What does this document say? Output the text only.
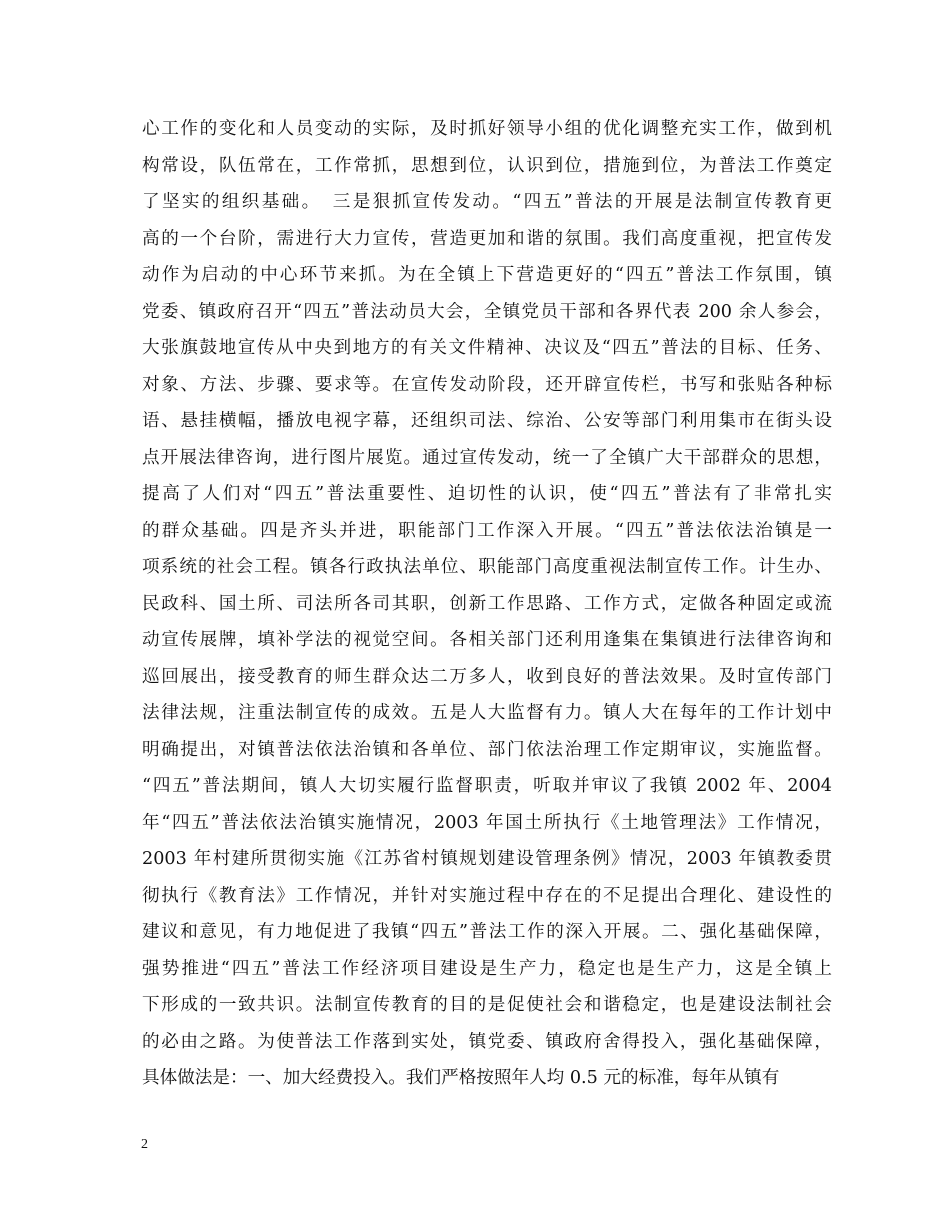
心工作的变化和人员变动的实际，及时抓好领导小组的优化调整充实工作，做到机
构常设，队伍常在，工作常抓，思想到位，认识到位，措施到位，为普法工作奠定
了坚实的组织基础。　三是狠抓宣传发动。“四五”普法的开展是法制宣传教育更
高的一个台阶，需进行大力宣传，营造更加和谐的氛围。我们高度重视，把宣传发
动作为启动的中心环节来抓。为在全镇上下营造更好的“四五”普法工作氛围，镇
党委、镇政府召开“四五”普法动员大会，全镇党员干部和各界代表 200 余人参会，
大张旗鼓地宣传从中央到地方的有关文件精神、决议及“四五”普法的目标、任务、
对象、方法、步骤、要求等。在宣传发动阶段，还开辟宣传栏，书写和张贴各种标
语、悬挂横幅，播放电视字幕，还组织司法、综治、公安等部门利用集市在街头设
点开展法律咨询，进行图片展览。通过宣传发动，统一了全镇广大干部群众的思想，
提高了人们对“四五”普法重要性、迫切性的认识，使“四五”普法有了非常扎实
的群众基础。四是齐头并进，职能部门工作深入开展。“四五”普法依法治镇是一
项系统的社会工程。镇各行政执法单位、职能部门高度重视法制宣传工作。计生办、
民政科、国土所、司法所各司其职，创新工作思路、工作方式，定做各种固定或流
动宣传展牌，填补学法的视觉空间。各相关部门还利用逢集在集镇进行法律咨询和
巡回展出，接受教育的师生群众达二万多人，收到良好的普法效果。及时宣传部门
法律法规，注重法制宣传的成效。五是人大监督有力。镇人大在每年的工作计划中
明确提出，对镇普法依法治镇和各单位、部门依法治理工作定期审议，实施监督。
“四五”普法期间，镇人大切实履行监督职责，听取并审议了我镇 2002 年、2004
年“四五”普法依法治镇实施情况，2003 年国土所执行《土地管理法》工作情况，
2003 年村建所贯彻实施《江苏省村镇规划建设管理条例》情况，2003 年镇教委贯
彻执行《教育法》工作情况，并针对实施过程中存在的不足提出合理化、建设性的
建议和意见，有力地促进了我镇“四五”普法工作的深入开展。二、强化基础保障，
强势推进“四五”普法工作经济项目建设是生产力，稳定也是生产力，这是全镇上
下形成的一致共识。法制宣传教育的目的是促使社会和谐稳定，也是建设法制社会
的必由之路。为使普法工作落到实处，镇党委、镇政府舍得投入，强化基础保障，
具体做法是：一、加大经费投入。我们严格按照年人均 0.5 元的标准，每年从镇有
2
